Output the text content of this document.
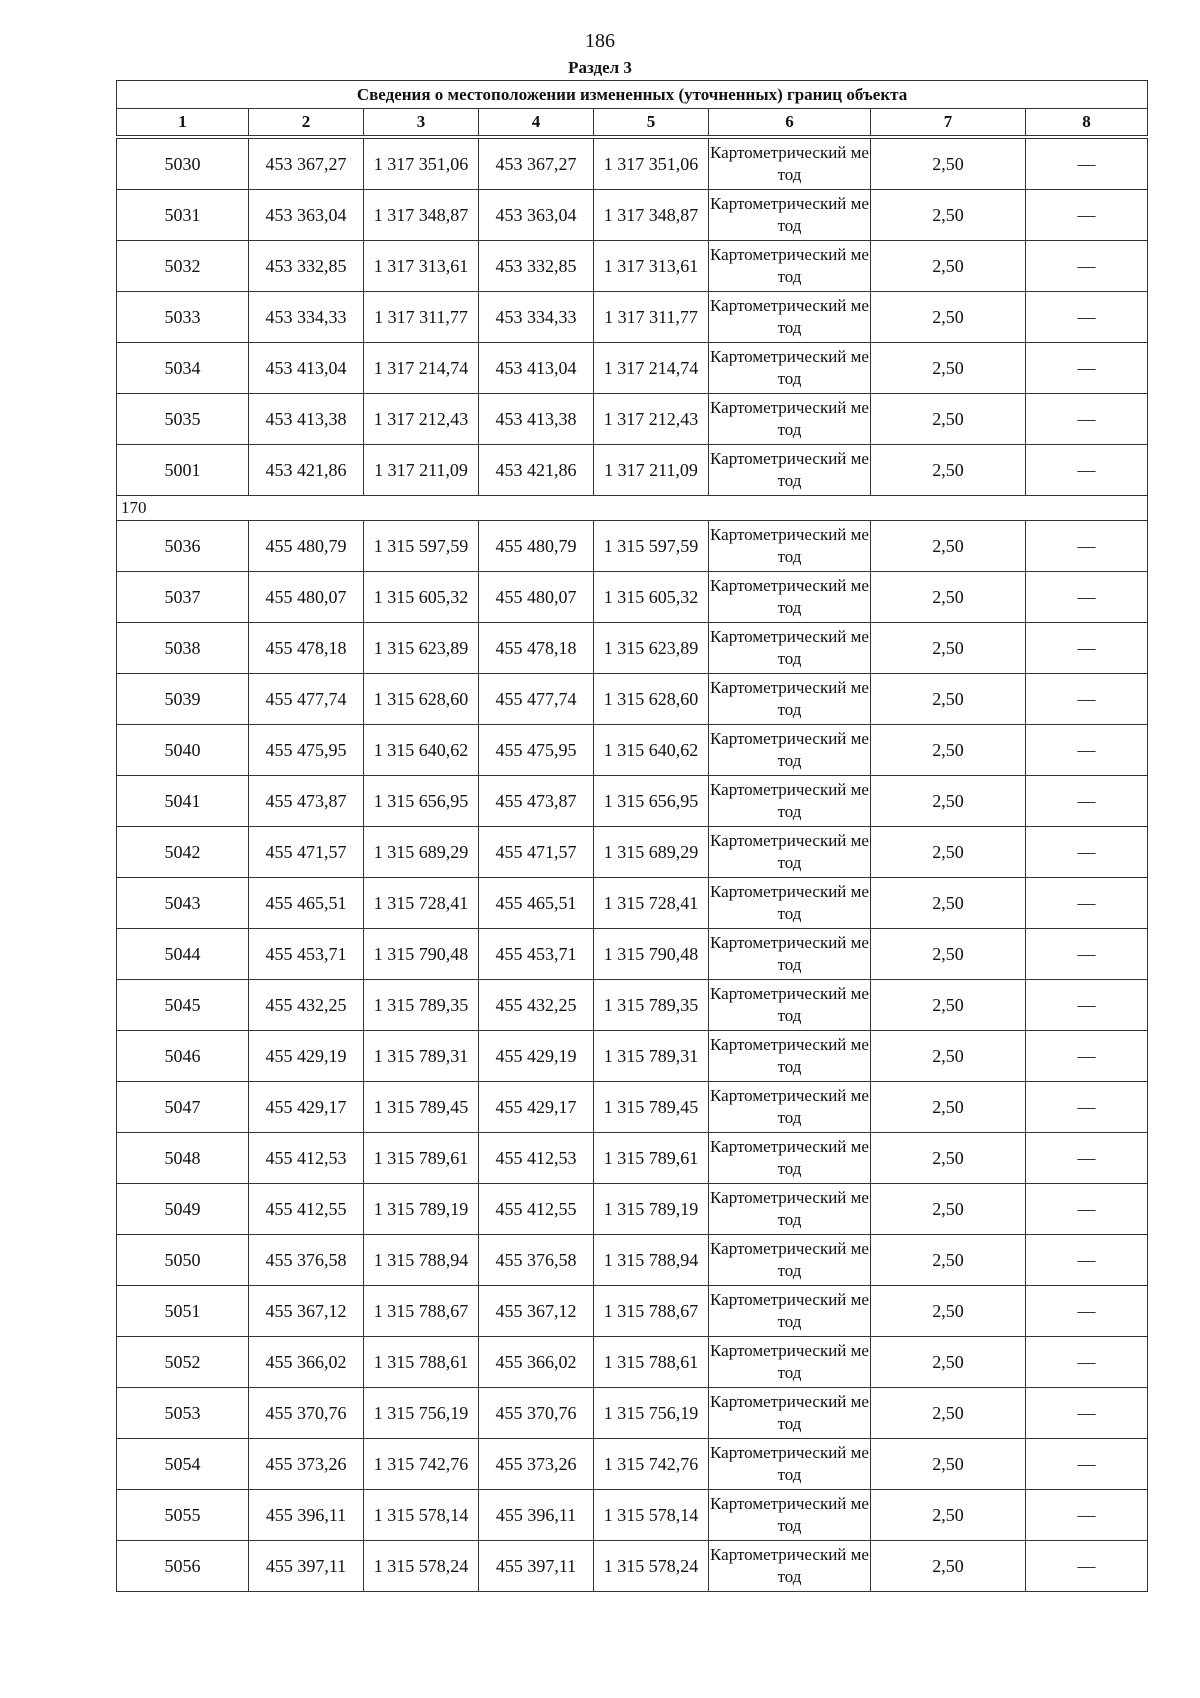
186
Раздел 3
Сведения о местоположении измененных (уточненных) границ объекта							
1	2	3	4	5	6	7	8

5030	453 367,27	1 317 351,06	453 367,27	1 317 351,06	Картометрический метод	2,50	—
5031	453 363,04	1 317 348,87	453 363,04	1 317 348,87	Картометрический метод	2,50	—
5032	453 332,85	1 317 313,61	453 332,85	1 317 313,61	Картометрический метод	2,50	—
5033	453 334,33	1 317 311,77	453 334,33	1 317 311,77	Картометрический метод	2,50	—
5034	453 413,04	1 317 214,74	453 413,04	1 317 214,74	Картометрический метод	2,50	—
5035	453 413,38	1 317 212,43	453 413,38	1 317 212,43	Картометрический метод	2,50	—
5001	453 421,86	1 317 211,09	453 421,86	1 317 211,09	Картометрический метод	2,50	—
170							
5036	455 480,79	1 315 597,59	455 480,79	1 315 597,59	Картометрический метод	2,50	—
5037	455 480,07	1 315 605,32	455 480,07	1 315 605,32	Картометрический метод	2,50	—
5038	455 478,18	1 315 623,89	455 478,18	1 315 623,89	Картометрический метод	2,50	—
5039	455 477,74	1 315 628,60	455 477,74	1 315 628,60	Картометрический метод	2,50	—
5040	455 475,95	1 315 640,62	455 475,95	1 315 640,62	Картометрический метод	2,50	—
5041	455 473,87	1 315 656,95	455 473,87	1 315 656,95	Картометрический метод	2,50	—
5042	455 471,57	1 315 689,29	455 471,57	1 315 689,29	Картометрический метод	2,50	—
5043	455 465,51	1 315 728,41	455 465,51	1 315 728,41	Картометрический метод	2,50	—
5044	455 453,71	1 315 790,48	455 453,71	1 315 790,48	Картометрический метод	2,50	—
5045	455 432,25	1 315 789,35	455 432,25	1 315 789,35	Картометрический метод	2,50	—
5046	455 429,19	1 315 789,31	455 429,19	1 315 789,31	Картометрический метод	2,50	—
5047	455 429,17	1 315 789,45	455 429,17	1 315 789,45	Картометрический метод	2,50	—
5048	455 412,53	1 315 789,61	455 412,53	1 315 789,61	Картометрический метод	2,50	—
5049	455 412,55	1 315 789,19	455 412,55	1 315 789,19	Картометрический метод	2,50	—
5050	455 376,58	1 315 788,94	455 376,58	1 315 788,94	Картометрический метод	2,50	—
5051	455 367,12	1 315 788,67	455 367,12	1 315 788,67	Картометрический метод	2,50	—
5052	455 366,02	1 315 788,61	455 366,02	1 315 788,61	Картометрический метод	2,50	—
5053	455 370,76	1 315 756,19	455 370,76	1 315 756,19	Картометрический метод	2,50	—
5054	455 373,26	1 315 742,76	455 373,26	1 315 742,76	Картометрический метод	2,50	—
5055	455 396,11	1 315 578,14	455 396,11	1 315 578,14	Картометрический метод	2,50	—
5056	455 397,11	1 315 578,24	455 397,11	1 315 578,24	Картометрический метод	2,50	—
